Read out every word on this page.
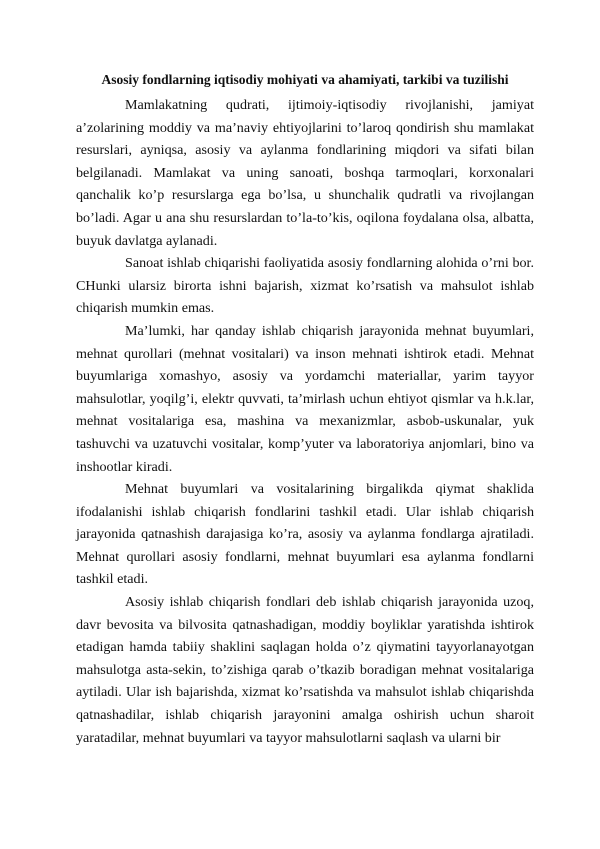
Asosiy fondlarning iqtisodiy mohiyati va ahamiyati, tarkibi va tuzilishi

Mamlakatning qudrati, ijtimoiy-iqtisodiy rivojlanishi, jamiyat a’zolarining moddiy va ma’naviy ehtiyojlarini to’laroq qondirish shu mamlakat resurslari, ayniqsa, asosiy va aylanma fondlarining miqdori va sifati bilan belgilanadi. Mamlakat va uning sanoati, boshqa tarmoqlari, korxonalari qanchalik ko’p resurslarga ega bo’lsa, u shunchalik qudratli va rivojlangan bo’ladi. Agar u ana shu resurslardan to’la-to’kis, oqilona foydalana olsa, albatta, buyuk davlatga aylanadi.

Sanoat ishlab chiqarishi faoliyatida asosiy fondlarning alohida o’rni bor. CHunki ularsiz birorta ishni bajarish, xizmat ko’rsatish va mahsulot ishlab chiqarish mumkin emas.

Ma’lumki, har qanday ishlab chiqarish jarayonida mehnat buyumlari, mehnat qurollari (mehnat vositalari) va inson mehnati ishtirok etadi. Mehnat buyumlariga xomashyo, asosiy va yordamchi materiallar, yarim tayyor mahsulotlar, yoqilg’i, elektr quvvati, ta’mirlash uchun ehtiyot qismlar va h.k.lar, mehnat vositalariga esa, mashina va mexanizmlar, asbob-uskunalar, yuk tashuvchi va uzatuvchi vositalar, komp’yuter va laboratoriya anjomlari, bino va inshootlar kiradi.

Mehnat buyumlari va vositalarining birgalikda qiymat shaklida ifodalanishi ishlab chiqarish fondlarini tashkil etadi. Ular ishlab chiqarish jarayonida qatnashish darajasiga ko’ra, asosiy va aylanma fondlarga ajratiladi. Mehnat qurollari asosiy fondlarni, mehnat buyumlari esa aylanma fondlarni tashkil etadi.

Asosiy ishlab chiqarish fondlari deb ishlab chiqarish jarayonida uzoq, davr bevosita va bilvosita qatnashadigan, moddiy boyliklar yaratishda ishtirok etadigan hamda tabiiy shaklini saqlagan holda o’z qiymatini tayyorlanayotgan mahsulotga asta-sekin, to’zishiga qarab o’tkazib boradigan mehnat vositalariga aytiladi. Ular ish bajarishda, xizmat ko’rsatishda va mahsulot ishlab chiqarishda qatnashadilar, ishlab chiqarish jarayonini amalga oshirish uchun sharoit yaratadilar, mehnat buyumlari va tayyor mahsulotlarni saqlash va ularni bir
